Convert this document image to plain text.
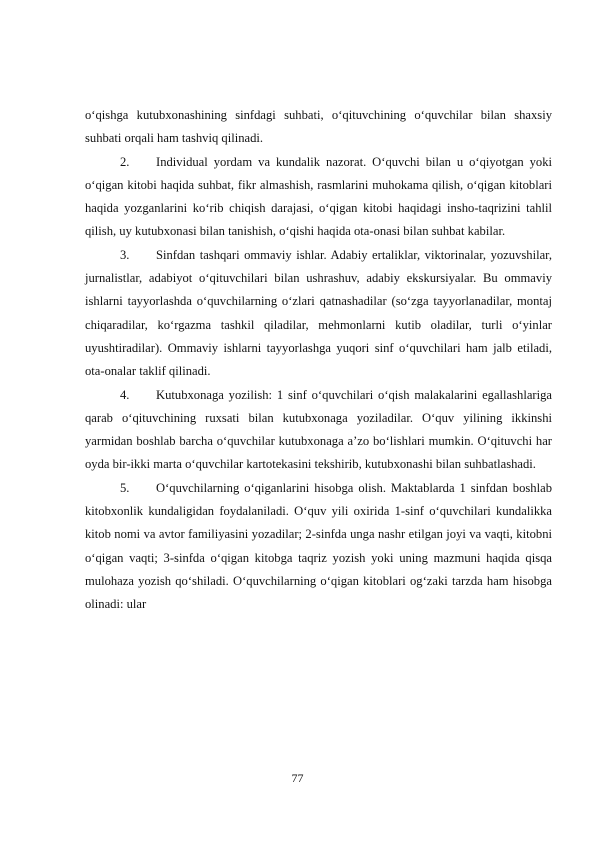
o‘qishga kutubxonashining sinfdagi suhbati, o‘qituvchining o‘quvchilar bilan shaxsiy suhbati orqali ham tashviq qilinadi.

2. Individual yordam va kundalik nazorat. O‘quvchi bilan u o‘qiyotgan yoki o‘qigan kitobi haqida suhbat, fikr almashish, rasmlarini muhokama qilish, o‘qigan kitoblari haqida yozganlarini ko‘rib chiqish darajasi, o‘qigan kitobi haqidagi insho-taqrizini tahlil qilish, uy kutubxonasi bilan tanishish, o‘qishi haqida ota-onasi bilan suhbat kabilar.

3. Sinfdan tashqari ommaviy ishlar. Adabiy ertaliklar, viktorinalar, yozuvshilar, jurnalistlar, adabiyot o‘qituvchilari bilan ushrashuv, adabiy ekskursiyalar. Bu ommaviy ishlarni tayyorlashda o‘quvchilarning o‘zlari qatnashadilar (so‘zga tayyorlanadilar, montaj chiqaradilar, ko‘rgazma tashkil qiladilar, mehmonlarni kutib oladilar, turli o‘yinlar uyushtiradilar). Ommaviy ishlarni tayyorlashga yuqori sinf o‘quvchilari ham jalb etiladi, ota-onalar taklif qilinadi.

4. Kutubxonaga yozilish: 1 sinf o‘quvchilari o‘qish malakalarini egallashlariga qarab o‘qituvchining ruxsati bilan kutubxonaga yoziladilar. O‘quv yilining ikkinshi yarmidan boshlab barcha o‘quvchilar kutubxonaga a’zo bo‘lishlari mumkin. O‘qituvchi har oyda bir-ikki marta o‘quvchilar kartotekasini tekshirib, kutubxonashi bilan suhbatlashadi.

5. O‘quvchilarning o‘qiganlarini hisobga olish. Maktablarda 1 sinfdan boshlab kitobxonlik kundaligidan foydalaniladi. O‘quv yili oxirida 1-sinf o‘quvchilari kundalikka kitob nomi va avtor familiyasini yozadilar; 2-sinfda unga nashr etilgan joyi va vaqti, kitobni o‘qigan vaqti; 3-sinfda o‘qigan kitobga taqriz yozish yoki uning mazmuni haqida qisqa mulohaza yozish qo‘shiladi. O‘quvchilarning o‘qigan kitoblari og‘zaki tarzda ham hisobga olinadi: ular

77
